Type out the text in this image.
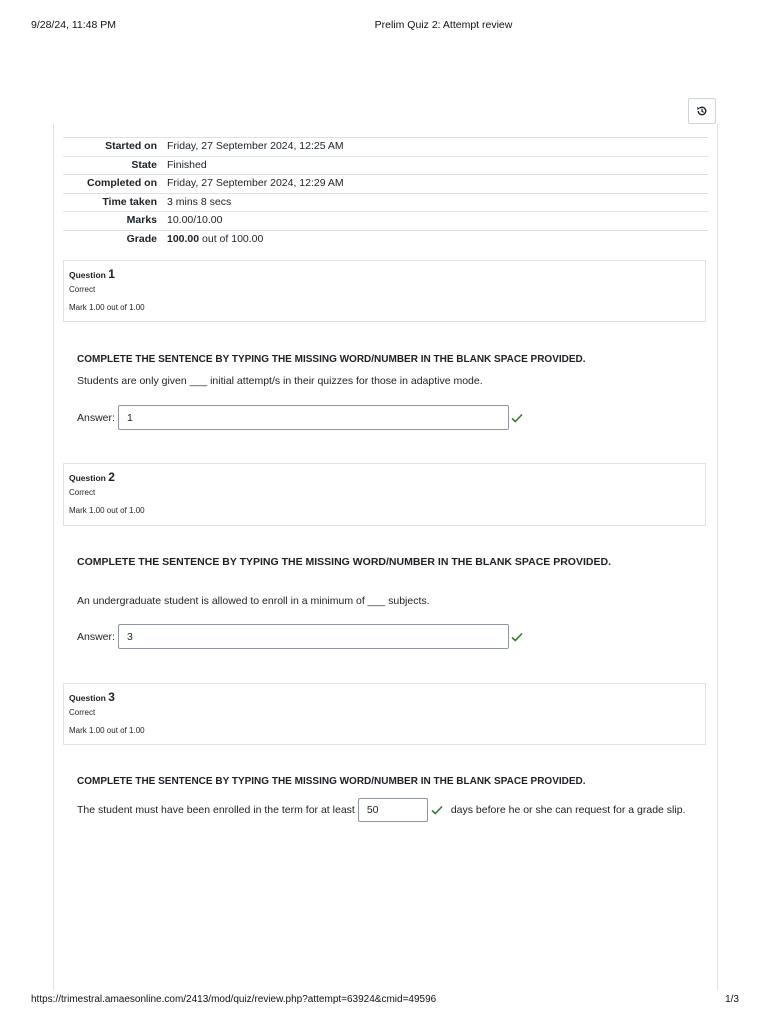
9/28/24, 11:48 PM	Prelim Quiz 2: Attempt review
Started on	Friday, 27 September 2024, 12:25 AM
State	Finished
Completed on	Friday, 27 September 2024, 12:29 AM
Time taken	3 mins 8 secs
Marks	10.00/10.00
Grade	100.00 out of 100.00
Question 1
Correct
Mark 1.00 out of 1.00
COMPLETE THE SENTENCE BY TYPING THE MISSING WORD/NUMBER IN THE BLANK SPACE PROVIDED.
Students are only given ___ initial attempt/s in their quizzes for those in adaptive mode.
Answer:	1
Question 2
Correct
Mark 1.00 out of 1.00
COMPLETE THE SENTENCE BY TYPING THE MISSING WORD/NUMBER IN THE BLANK SPACE PROVIDED.
An undergraduate student is allowed to enroll in a minimum of ___ subjects.
Answer:	3
Question 3
Correct
Mark 1.00 out of 1.00
COMPLETE THE SENTENCE BY TYPING THE MISSING WORD/NUMBER IN THE BLANK SPACE PROVIDED.
The student must have been enrolled in the term for at least	50	days before he or she can request for a grade slip.
https://trimestral.amaesonline.com/2413/mod/quiz/review.php?attempt=63924&cmid=49596	1/3
